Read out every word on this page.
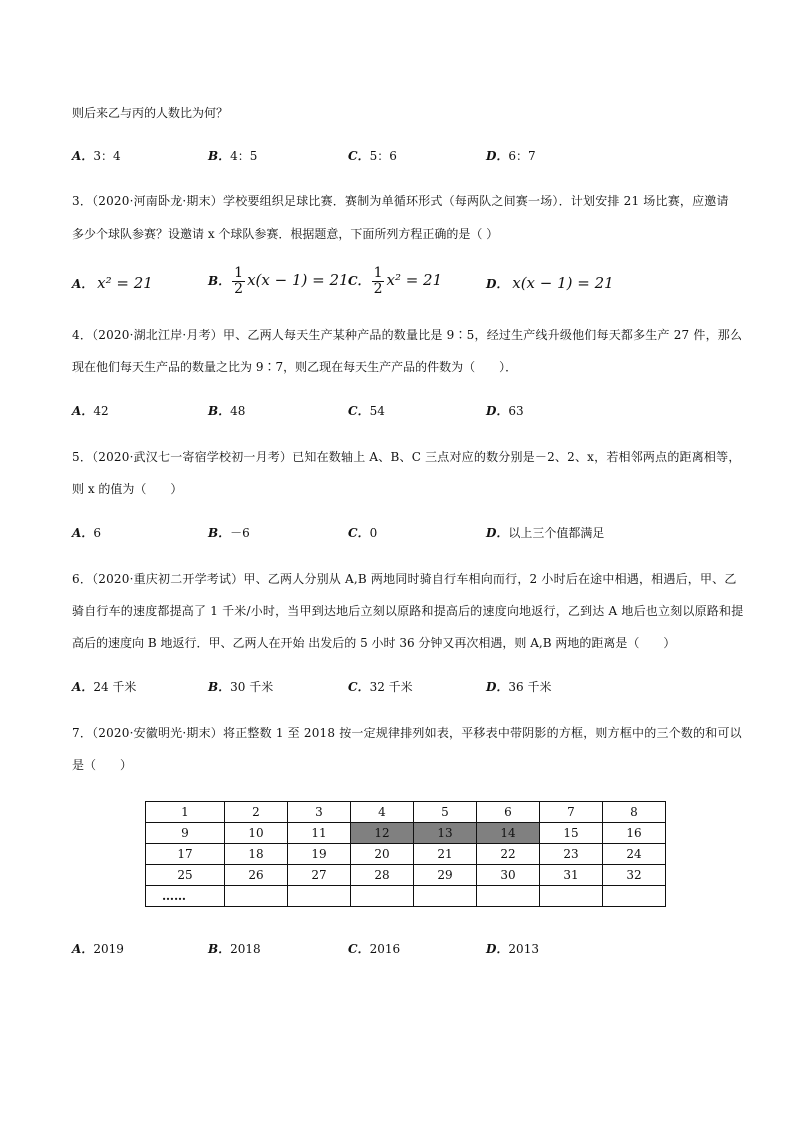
则后来乙与丙的人数比为何？
A．3：4	B．4：5	C．5：6	D．6：7
3．（2020·河南卧龙·期末）学校要组织足球比赛．赛制为单循环形式（每两队之间赛一场）．计划安排 21 场比赛，应邀请
多少个球队参赛？设邀请 x 个球队参赛．根据题意，下面所列方程正确的是（ ）
A． x² = 21	B． $\frac{1}{2} x(x - 1) = 21$ C． $\frac{1}{2} x^2 = 21$	D． x(x − 1) = 21
4．（2020·湖北江岸·月考）甲、乙两人每天生产某种产品的数量比是 9∶5，经过生产线升级他们每天都多生产 27 件，那么
现在他们每天生产品的数量之比为 9∶7，则乙现在每天生产产品的件数为（　　）．
A．42	B．48	C．54	D．63
5．（2020·武汉七一寄宿学校初一月考）已知在数轴上 A、B、C 三点对应的数分别是－2、2、x，若相邻两点的距离相等，
则 x 的值为（　　）
A．6	B．－6	C．0	D．以上三个值都满足
6．（2020·重庆初二开学考试）甲、乙两人分别从 A,B 两地同时骑自行车相向而行，2 小时后在途中相遇，相遇后，甲、乙
骑自行车的速度都提高了 1 千米/小时，当甲到达地后立刻以原路和提高后的速度向地返行，乙到达 A 地后也立刻以原路和提
高后的速度向 B 地返行．甲、乙两人在开始 出发后的 5 小时 36 分钟又再次相遇，则 A,B 两地的距离是（　　）
A．24 千米	B．30 千米	C．32 千米	D．36 千米
7．（2020·安徽明光·期末）将正整数 1 至 2018 按一定规律排列如表，平移表中带阴影的方框，则方框中的三个数的和可以
是（　　）
1	2	3	4	5	6	7	8
9	10	11	12	13	14	15	16
17	18	19	20	21	22	23	24
25	26	27	28	29	30	31	32
……							
A．2019	B．2018	C．2016	D．2013
